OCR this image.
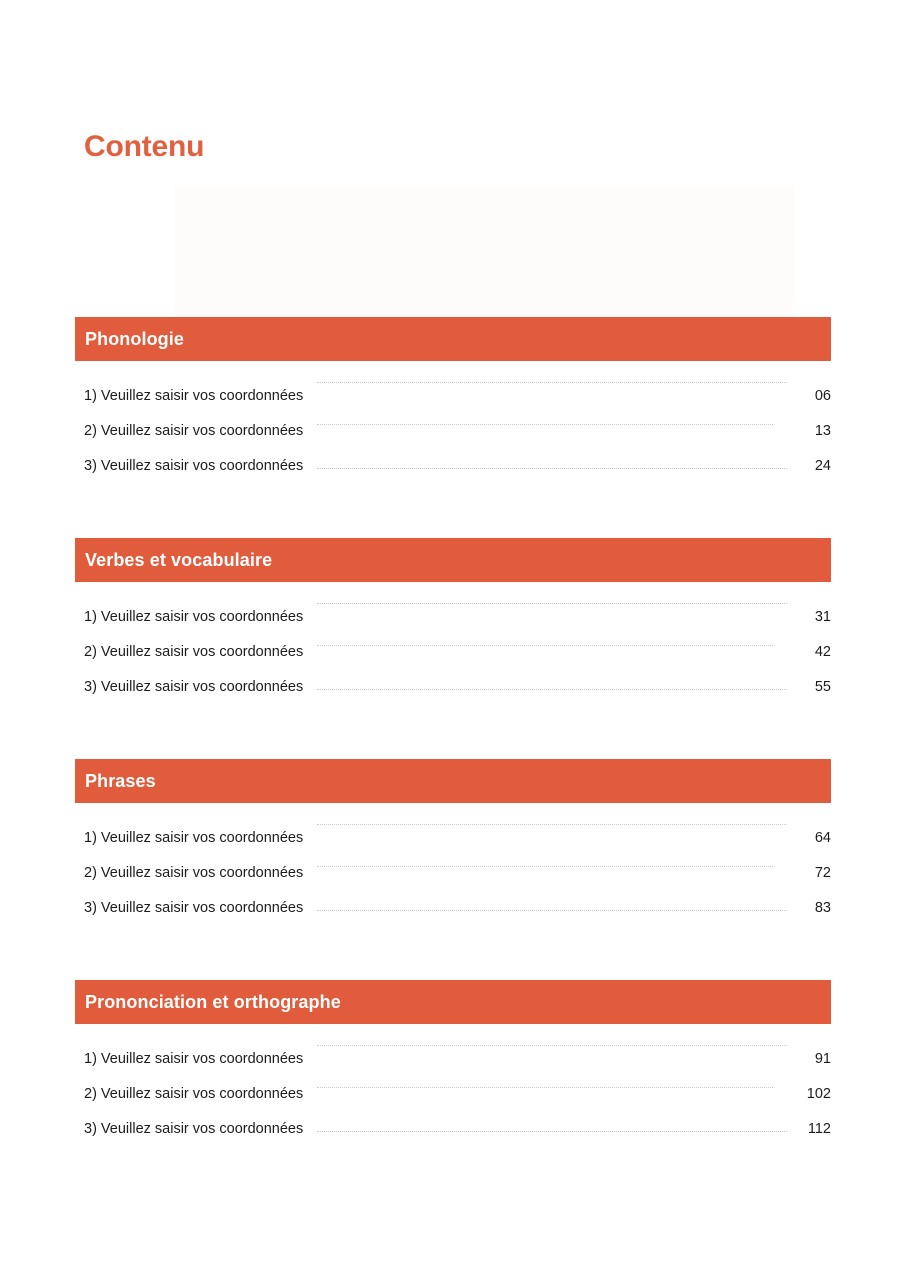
Contenu
Phonologie
1) Veuillez saisir vos coordonnées	06
2) Veuillez saisir vos coordonnées	13
3) Veuillez saisir vos coordonnées	24
Verbes et vocabulaire
1) Veuillez saisir vos coordonnées	31
2) Veuillez saisir vos coordonnées	42
3) Veuillez saisir vos coordonnées	55
Phrases
1) Veuillez saisir vos coordonnées	64
2) Veuillez saisir vos coordonnées	72
3) Veuillez saisir vos coordonnées	83
Prononciation et orthographe
1) Veuillez saisir vos coordonnées	91
2) Veuillez saisir vos coordonnées	102
3) Veuillez saisir vos coordonnées	112
